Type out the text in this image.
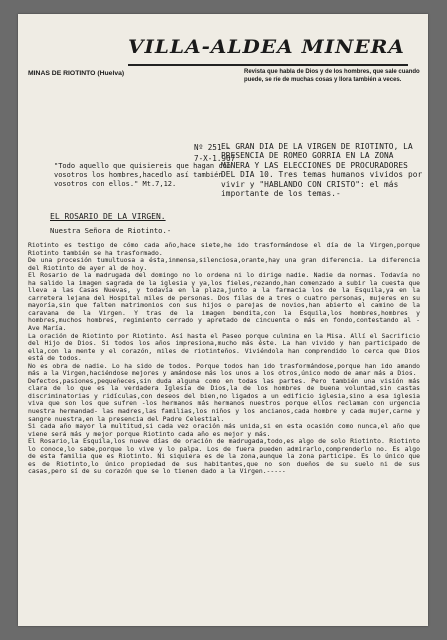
VILLA-ALDEA MINERA
MINAS DE RIOTINTO (Huelva)	Revista que habla de Dios y de los hombres, que sale cuando puede, se ríe de muchas cosas y llora también a veces.
Nº 251 -
7-X-1.967
"Todo aquello que quisiereis que hagan con vosotros los hombres,hacedlo así también vosotros con ellos." Mt.7,12.
EL GRAN DIA DE LA VIRGEN DE RIOTINTO, LA PRESENCIA DE ROMEO GORRIA EN LA ZONA MINERA Y LAS ELECCIONES DE PROCURADORES DEL DIA 10. Tres temas humanos vividos por vivir y "HABLANDO CON CRISTO": el más importante de los temas.-
EL ROSARIO DE LA VIRGEN.
Nuestra Señora de Riotinto.-

Riotinto es testigo de cómo cada año,hace siete,he ido trasformándose el día de la Virgen,porque Riotinto también se ha trasformado.

De una procesión tumultuosa a ésta,inmensa,silenciosa,orante,hay una gran diferencia. La diferencia del Riotinto de ayer al de hoy.

El Rosario de la madrugada del domingo no lo ordena ni lo dirige nadie. Nadie da normas. Todavía no ha salido la imagen sagrada de la iglesia y ya,los fieles,rezando,han comenzado a subir la cuesta que lleva a las Casas Nuevas, y todavía en la plaza,junto a la farmacia los de la Esquila,ya en la carretera lejana del Hospital miles de personas. Dos filas de a tres o cuatro personas, mujeres en su mayoría,sin que falten matrimonios con sus hijos o parejas de novios,han abierto el camino de la caravana de la Virgen. Y tras de la imagen bendita,con la Esquila,los hombres,hombres y hombres,muchos hombres, regimiento cerrado y apretado de cincuenta o más en fondo,contestando al - Ave María.

La oración de Riotinto por Riotinto. Así hasta el Paseo porque culmina en la Misa. Allí el Sacrificio del Hijo de Dios. Si todos los años impresiona,mucho más éste. La han vivido y han participado de ella,con la mente y el corazón, miles de riotinteños. Viviéndola han comprendido lo cerca que Dios está de todos.

No es obra de nadie. Lo ha sido de todos. Porque todos han ido trasformándose,porque han ido amando más a la Virgen,haciéndose mejores y amándose más los unos a los otros,único modo de amar más a Dios.

Defectos,pasiones,pequeñeces,sin duda alguna como en todas las partes. Pero también una visión más clara de lo que es la verdadera Iglesia de Dios,la de los hombres de buena voluntad,sin castas discriminatorias y ridículas,con deseos del bien,no ligados a un edificio iglesia,sino a esa iglesia viva que son los que sufren -los hermanos más hermanos nuestros porque ellos reclaman con urgencia nuestra hermandad- las madres,las familias,los niños y los ancianos,cada hombre y cada mujer,carne y sangre nuestra,en la presencia del Padre Celestial.

Si cada año mayor la multitud,si cada vez oración más unida,si en esta ocasión como nunca,el año que viene será más y mejor porque Riotinto cada año es mejor y más.

El Rosario,la Esquila,los nueve días de oración de madrugada,todo,es algo de solo Riotinto. Riotinto lo conoce,lo sabe,porque lo vive y lo palpa. Los de fuera pueden admirarlo,comprenderlo no. Es algo de esta familia que es Riotinto. Ni siquiera es de la zona,aunque la zona participe. Es lo único que es de Riotinto,lo único propiedad de sus habitantes,que no son dueños de su suelo ni de sus casas,pero sí de su corazón que se lo tienen dado a la Virgen.-----
